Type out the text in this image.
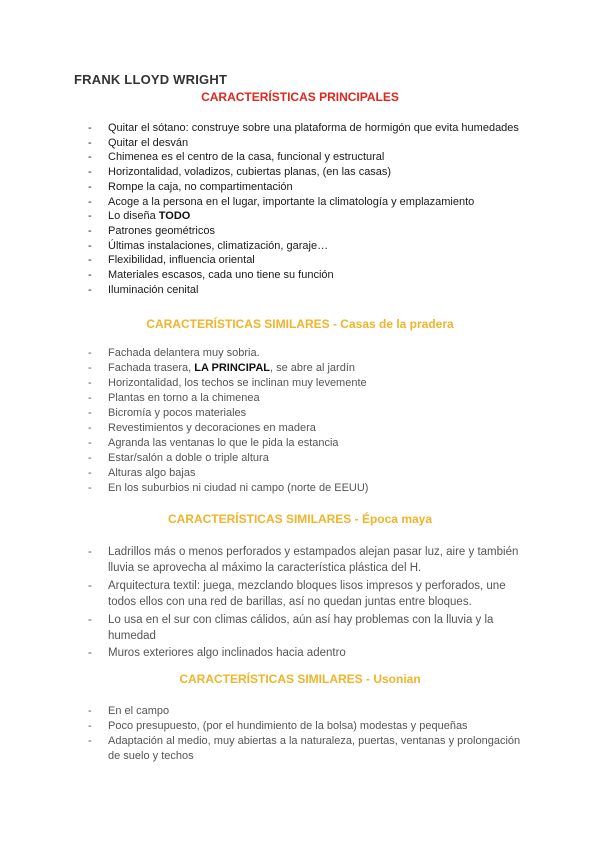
FRANK LLOYD WRIGHT
CARACTERÍSTICAS PRINCIPALES
- Quitar el sótano: construye sobre una plataforma de hormigón que evita humedades
- Quitar el desván
- Chimenea es el centro de la casa, funcional y estructural
- Horizontalidad, voladizos, cubiertas planas, (en las casas)
- Rompe la caja, no compartimentación
- Acoge a la persona en el lugar, importante la climatología y emplazamiento
- Lo diseña TODO
- Patrones geométricos
- Últimas instalaciones, climatización, garaje…
- Flexibilidad, influencia oriental
- Materiales escasos, cada uno tiene su función
- Iluminación cenital
CARACTERÍSTICAS SIMILARES - Casas de la pradera
- Fachada delantera muy sobria.
- Fachada trasera, LA PRINCIPAL, se abre al jardín
- Horizontalidad, los techos se inclinan muy levemente
- Plantas en torno a la chimenea
- Bicromía y pocos materiales
- Revestimientos y decoraciones en madera
- Agranda las ventanas lo que le pida la estancia
- Estar/salón a doble o triple altura
- Alturas algo bajas
- En los suburbios ni ciudad ni campo (norte de EEUU)
CARACTERÍSTICAS SIMILARES - Época maya
- Ladrillos más o menos perforados y estampados alejan pasar luz, aire y también lluvia se aprovecha al máximo la característica plástica del H.
- Arquitectura textil: juega, mezclando bloques lisos impresos y perforados, une todos ellos con una red de barillas, así no quedan juntas entre bloques.
- Lo usa en el sur con climas cálidos, aún así hay problemas con la lluvia y la humedad
- Muros exteriores algo inclinados hacia adentro
CARACTERÍSTICAS SIMILARES - Usonian
- En el campo
- Poco presupuesto, (por el hundimiento de la bolsa) modestas y pequeñas
- Adaptación al medio, muy abiertas a la naturaleza, puertas, ventanas y prolongación de suelo y techos
